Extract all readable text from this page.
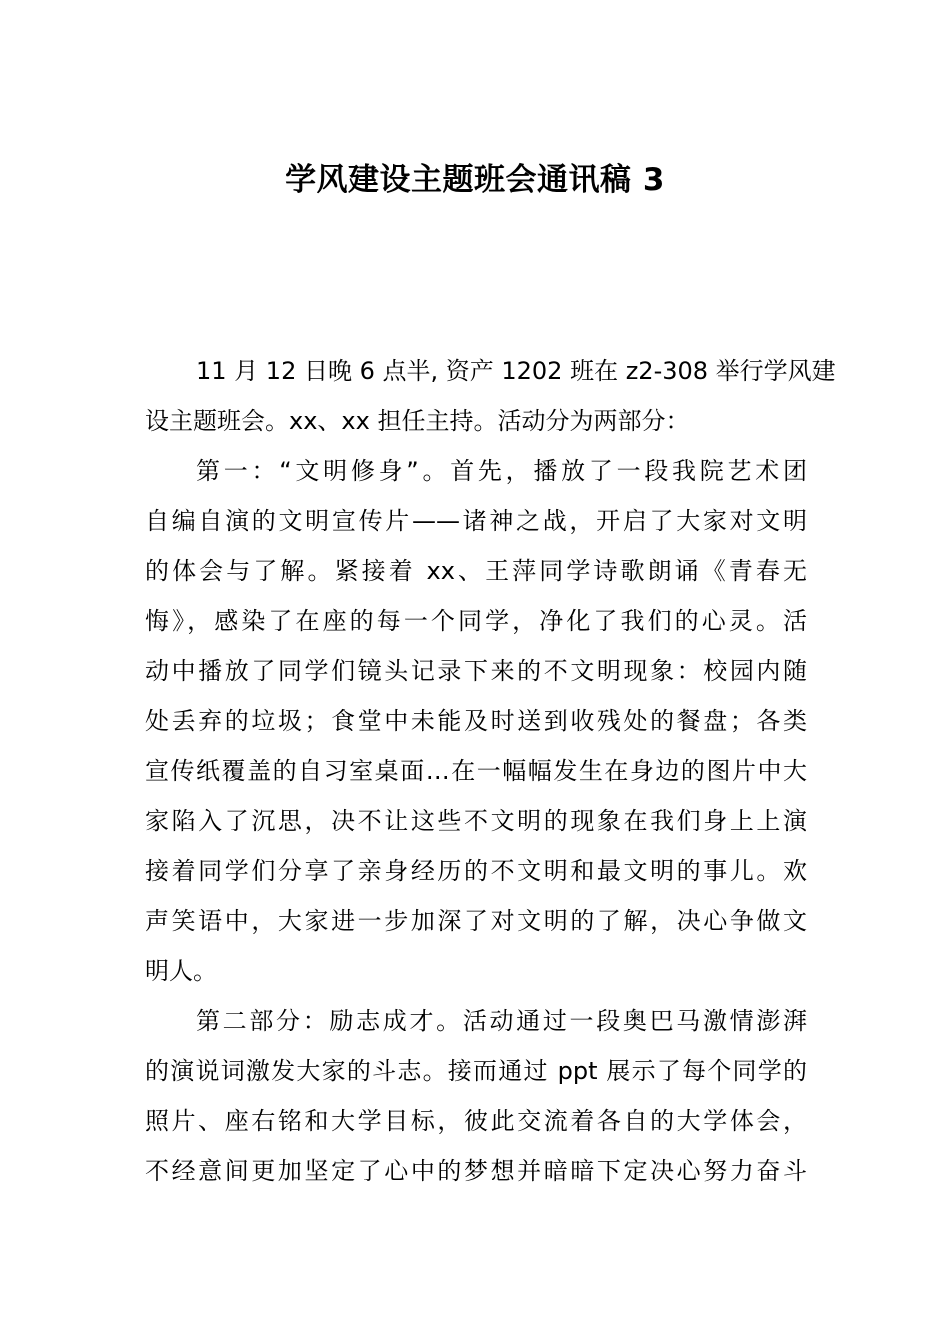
学风建设主题班会通讯稿 3
11 月 12 日晚 6 点半, 资产 1202 班在 z2-308 举行学风建
设主题班会。xx、xx 担任主持。活动分为两部分：
第一：“文明修身”。首先，播放了一段我院艺术团
自编自演的文明宣传片——诸神之战，开启了大家对文明
的体会与了解。紧接着 xx、王萍同学诗歌朗诵《青春无
悔》，感染了在座的每一个同学，净化了我们的心灵。活
动中播放了同学们镜头记录下来的不文明现象：校园内随
处丢弃的垃圾；食堂中未能及时送到收残处的餐盘；各类
宣传纸覆盖的自习室桌面…在一幅幅发生在身边的图片中大
家陷入了沉思，决不让这些不文明的现象在我们身上上演
接着同学们分享了亲身经历的不文明和最文明的事儿。欢
声笑语中，大家进一步加深了对文明的了解，决心争做文
明人。
第二部分：励志成才。活动通过一段奥巴马激情澎湃
的演说词激发大家的斗志。接而通过 ppt 展示了每个同学的
照片、座右铭和大学目标，彼此交流着各自的大学体会，
不经意间更加坚定了心中的梦想并暗暗下定决心努力奋斗
